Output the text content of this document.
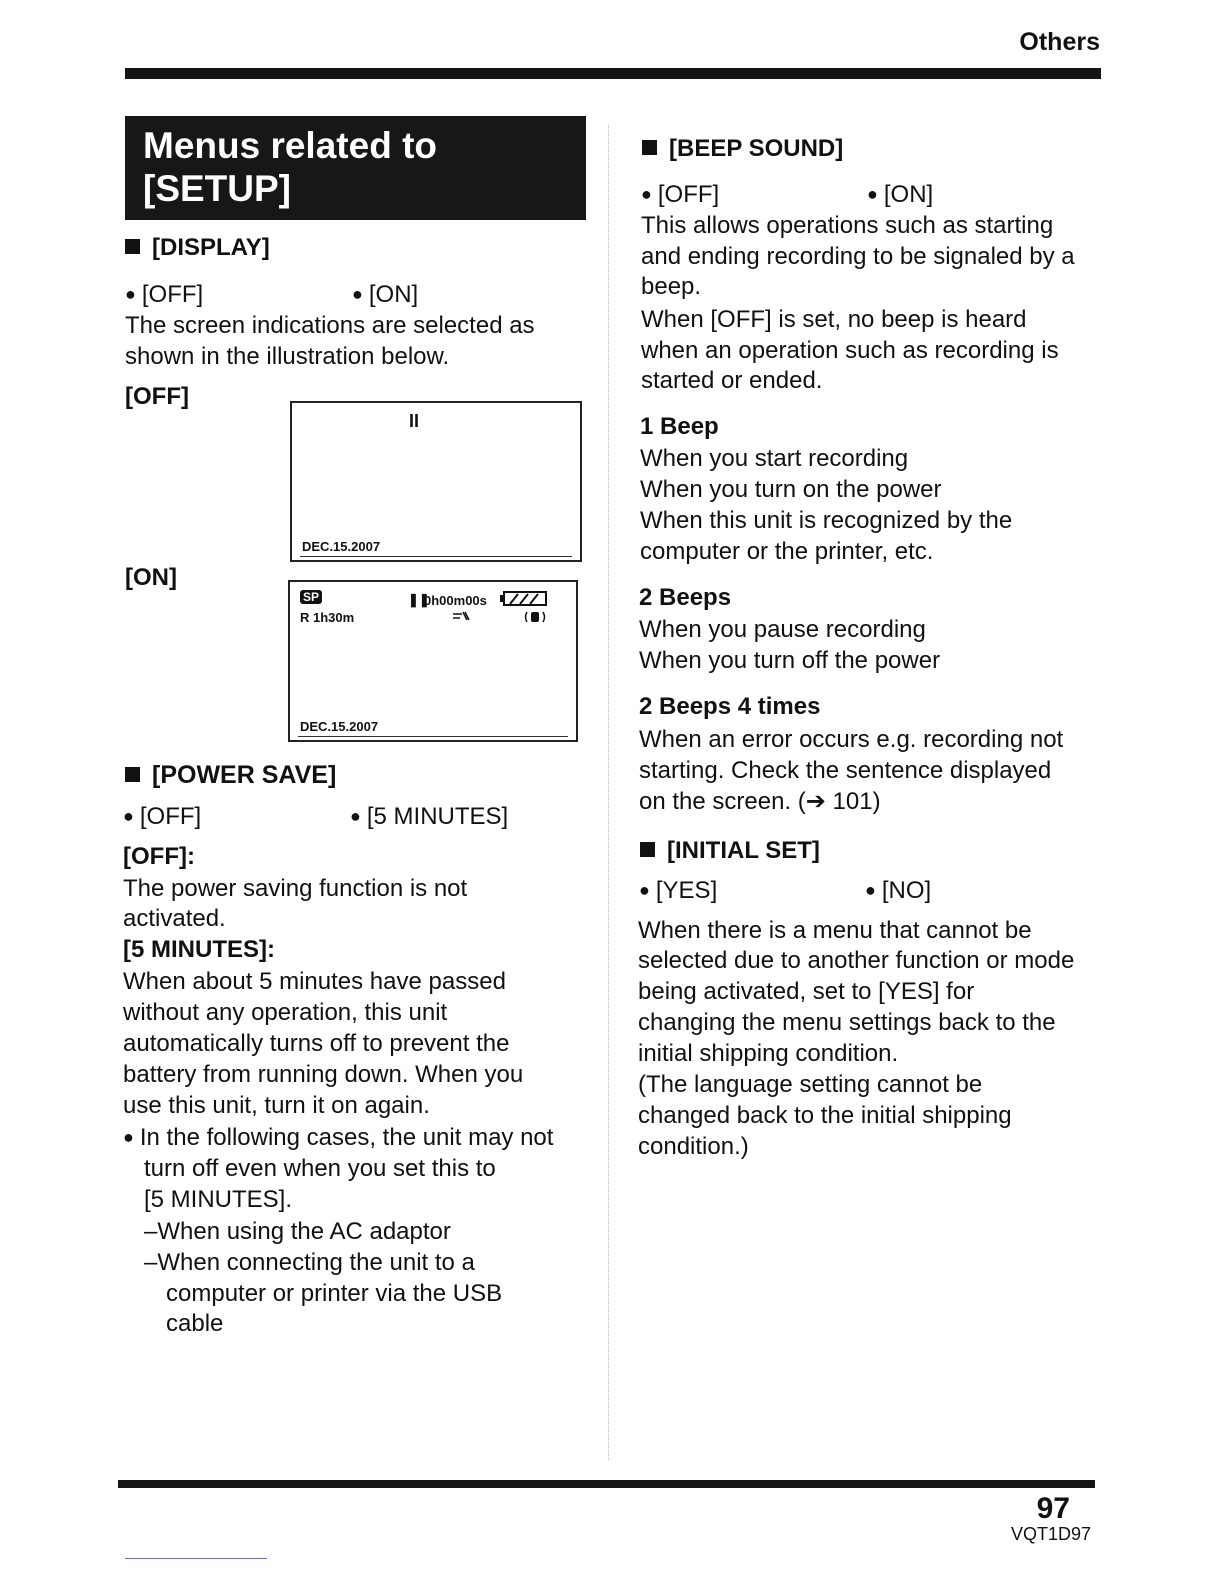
Others
Menus related to
[SETUP]
[DISPLAY]
● [OFF]	● [ON]
The screen indications are selected as
shown in the illustration below.
[OFF]
[ON]
II
DEC.15.2007
SP
R 1h30m
❚❚
0h00m00s
DEC.15.2007
[POWER SAVE]
● [OFF]	● [5 MINUTES]
[OFF]:
The power saving function is not
activated.
[5 MINUTES]:
When about 5 minutes have passed
without any operation, this unit
automatically turns off to prevent the
battery from running down. When you
use this unit, turn it on again.
● In the following cases, the unit may not
turn off even when you set this to
[5 MINUTES].
–When using the AC adaptor
–When connecting the unit to a
computer or printer via the USB
cable
[BEEP SOUND]
● [OFF]	● [ON]
This allows operations such as starting
and ending recording to be signaled by a
beep.
When [OFF] is set, no beep is heard
when an operation such as recording is
started or ended.
1 Beep
When you start recording
When you turn on the power
When this unit is recognized by the
computer or the printer, etc.
2 Beeps
When you pause recording
When you turn off the power
2 Beeps 4 times
When an error occurs e.g. recording not
starting. Check the sentence displayed
on the screen. (➔ 101)
[INITIAL SET]
● [YES]	● [NO]
When there is a menu that cannot be
selected due to another function or mode
being activated, set to [YES] for
changing the menu settings back to the
initial shipping condition.
(The language setting cannot be
changed back to the initial shipping
condition.)
97
VQT1D97
